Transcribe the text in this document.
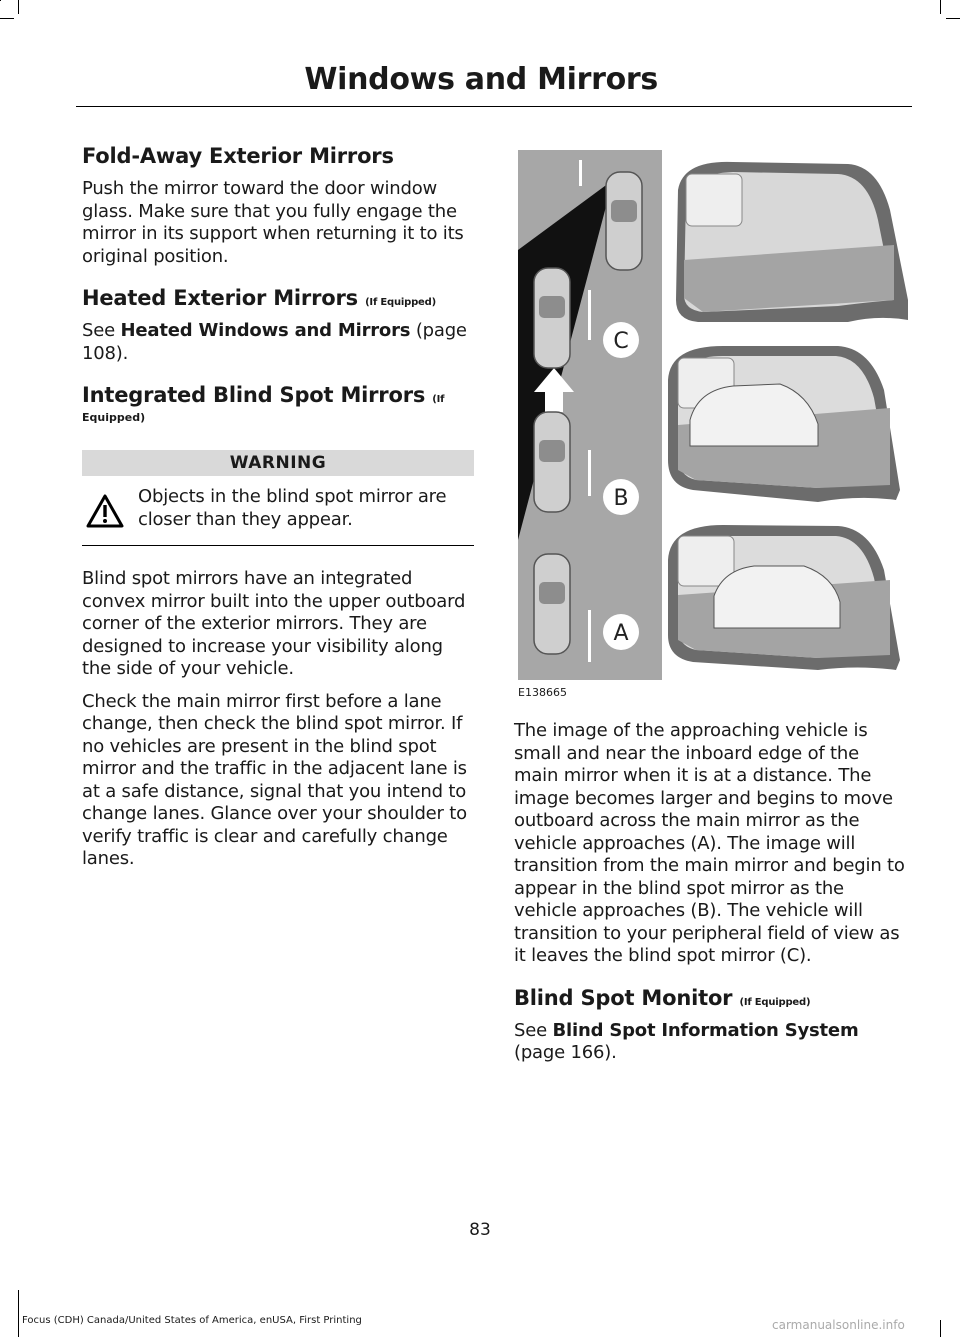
Windows and Mirrors
Fold-Away Exterior Mirrors

Push the mirror toward the door window glass. Make sure that you fully engage the mirror in its support when returning it to its original position.

Heated Exterior Mirrors (If Equipped)

See Heated Windows and Mirrors (page 108).

Integrated Blind Spot Mirrors (If
Equipped)
WARNING

Objects in the blind spot mirror are closer than they appear.

Blind spot mirrors have an integrated convex mirror built into the upper outboard corner of the exterior mirrors. They are designed to increase your visibility along the side of your vehicle.

Check the main mirror first before a lane change, then check the blind spot mirror. If no vehicles are present in the blind spot mirror and the traffic in the adjacent lane is at a safe distance, signal that you intend to change lanes. Glance over your shoulder to verify traffic is clear and carefully change lanes.

C
B
A
E138665

The image of the approaching vehicle is small and near the inboard edge of the main mirror when it is at a distance. The image becomes larger and begins to move outboard across the main mirror as the vehicle approaches (A). The image will transition from the main mirror and begin to appear in the blind spot mirror as the vehicle approaches (B). The vehicle will transition to your peripheral field of view as it leaves the blind spot mirror (C).

Blind Spot Monitor (If Equipped)

See Blind Spot Information System
(page 166).

83
Focus (CDH) Canada/United States of America, enUSA, First Printing	carmanualsonline.info
